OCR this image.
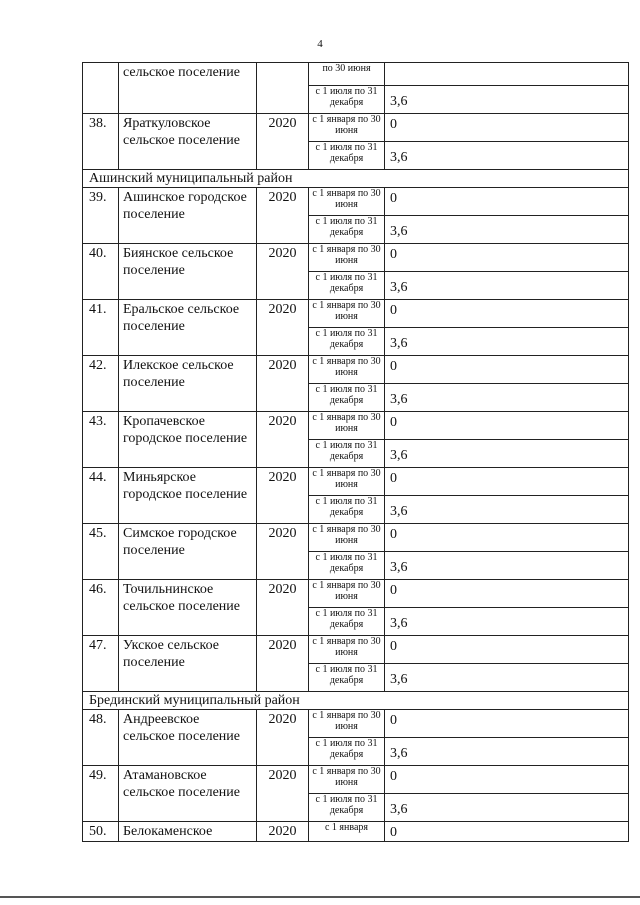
4
	сельское поселение		по 30 июня	
			с 1 июля по 31 декабря	3,6
38.	Яраткуловское сельское поселение	2020	с 1 января по 30 июня	0
			с 1 июля по 31 декабря	3,6
Ашинский муниципальный район				
39.	Ашинское городское поселение	2020	с 1 января по 30 июня	0
			с 1 июля по 31 декабря	3,6
40.	Биянское сельское поселение	2020	с 1 января по 30 июня	0
			с 1 июля по 31 декабря	3,6
41.	Еральское сельское поселение	2020	с 1 января по 30 июня	0
			с 1 июля по 31 декабря	3,6
42.	Илекское сельское поселение	2020	с 1 января по 30 июня	0
			с 1 июля по 31 декабря	3,6
43.	Кропачевское городское поселение	2020	с 1 января по 30 июня	0
			с 1 июля по 31 декабря	3,6
44.	Миньярское городское поселение	2020	с 1 января по 30 июня	0
			с 1 июля по 31 декабря	3,6
45.	Симское городское поселение	2020	с 1 января по 30 июня	0
			с 1 июля по 31 декабря	3,6
46.	Точильнинское сельское поселение	2020	с 1 января по 30 июня	0
			с 1 июля по 31 декабря	3,6
47.	Укское сельское поселение	2020	с 1 января по 30 июня	0
			с 1 июля по 31 декабря	3,6
Брединский муниципальный район				
48.	Андреевское сельское поселение	2020	с 1 января по 30 июня	0
			с 1 июля по 31 декабря	3,6
49.	Атамановское сельское поселение	2020	с 1 января по 30 июня	0
			с 1 июля по 31 декабря	3,6
50.	Белокаменское	2020	с 1 января	0
